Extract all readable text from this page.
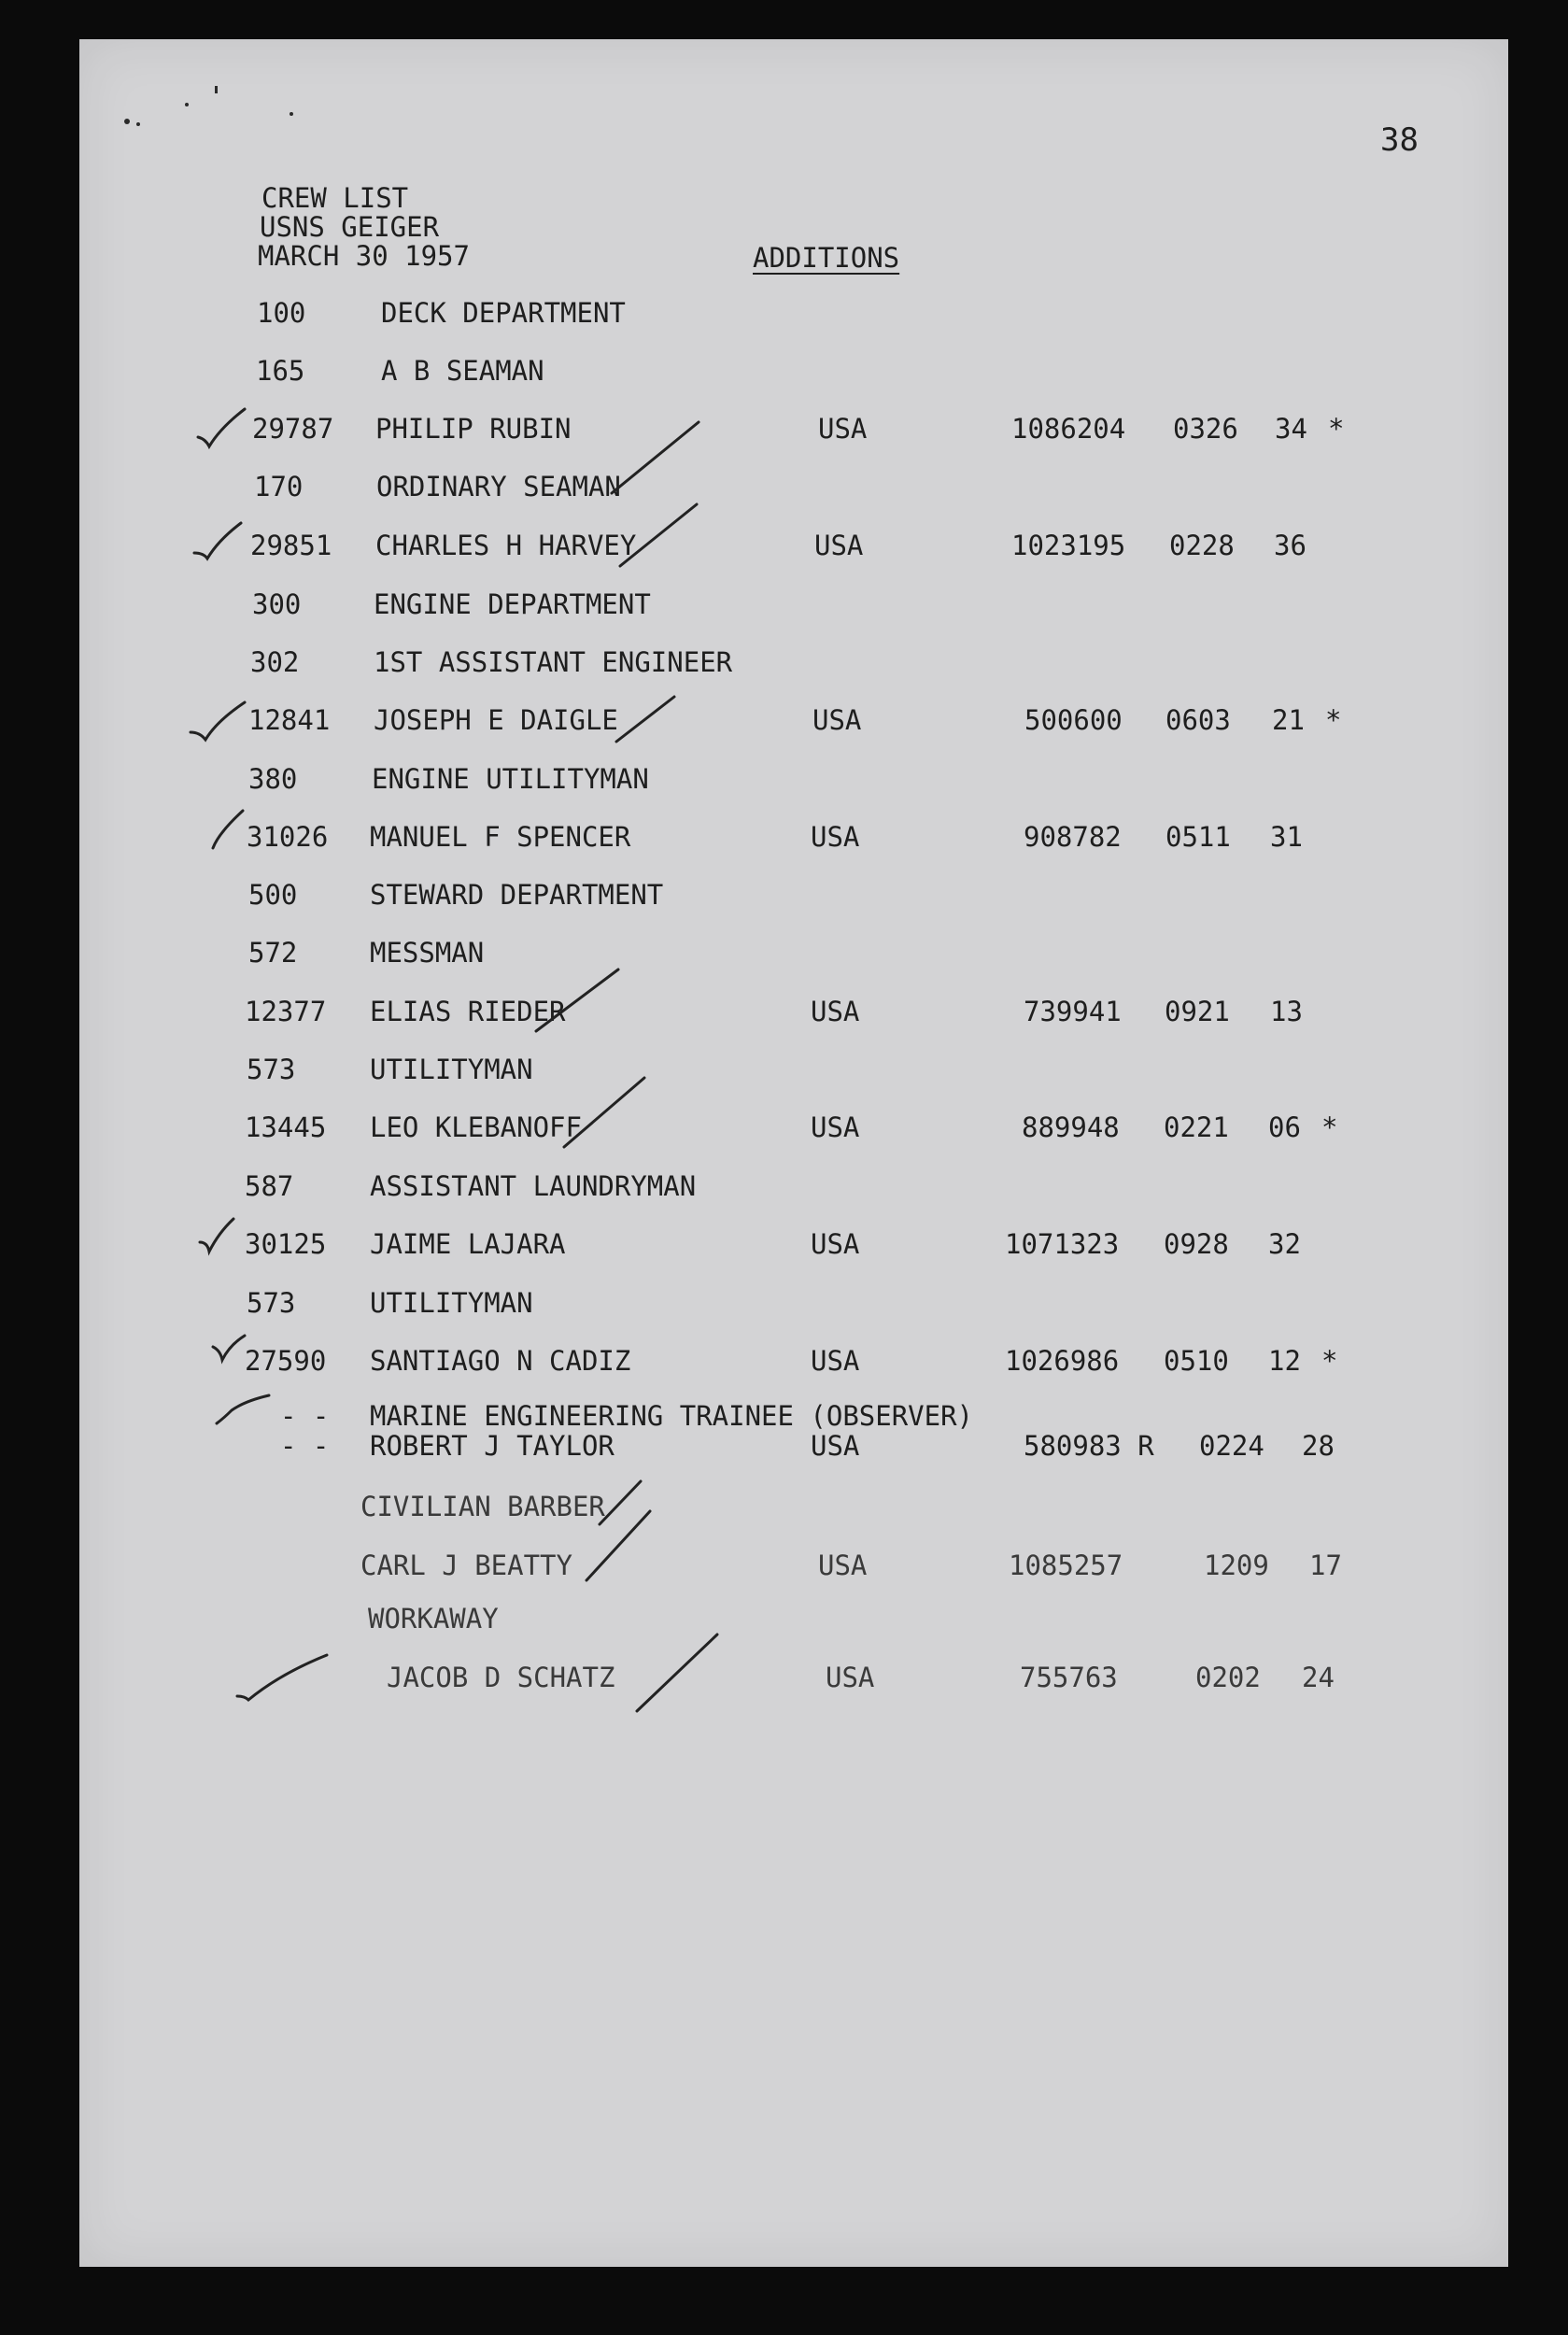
38
CREW LIST
USNS GEIGER
MARCH 30 1957	ADDITIONS
100	DECK DEPARTMENT
165	A B SEAMAN
29787 PHILIP RUBIN	USA	1086204 0326 34 *
170	ORDINARY SEAMAN
29851 CHARLES H HARVEY	USA	1023195 0228 36
300	ENGINE DEPARTMENT
302	1ST ASSISTANT ENGINEER
12841 JOSEPH E DAIGLE	USA	500600 0603 21 *
380	ENGINE UTILITYMAN
31026 MANUEL F SPENCER	USA	908782 0511 31
500	STEWARD DEPARTMENT
572	MESSMAN
12377 ELIAS RIEDER	USA	739941 0921 13
573	UTILITYMAN
13445 LEO KLEBANOFF	USA	889948 0221 06 *
587	ASSISTANT LAUNDRYMAN
30125 JAIME LAJARA	USA	1071323 0928 32
573	UTILITYMAN
27590 SANTIAGO N CADIZ	USA	1026986 0510 12 *
- - MARINE ENGINEERING TRAINEE (OBSERVER)
- - ROBERT J TAYLOR	USA	580983 R 0224 28
CIVILIAN BARBER
CARL J BEATTY	USA	1085257	1209 17
WORKAWAY
JACOB D SCHATZ	USA	755763	0202 24
